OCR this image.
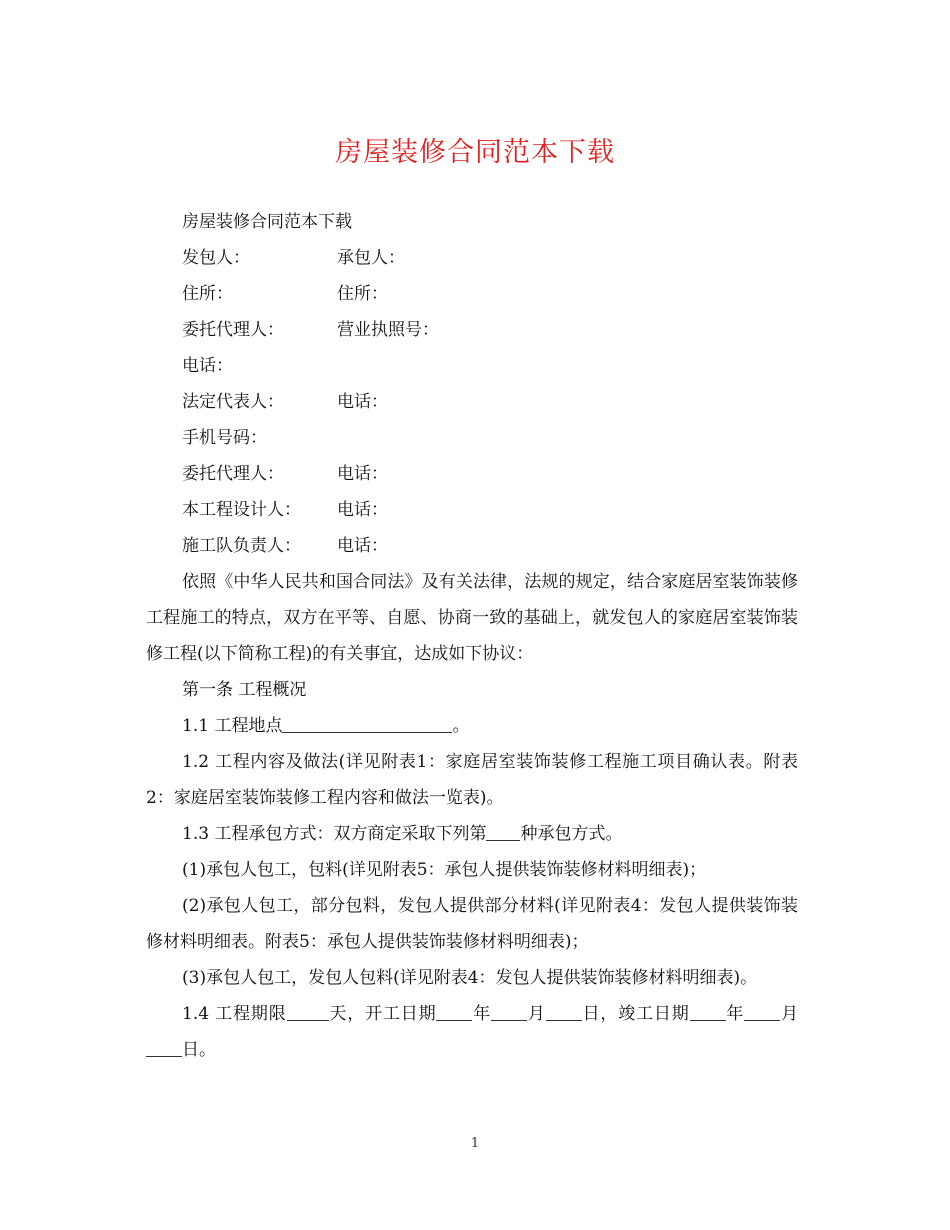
房屋装修合同范本下载
房屋装修合同范本下载
发包人：	承包人：
住所：	住所：
委托代理人：	营业执照号：
电话：
法定代表人：	电话：
手机号码：
委托代理人：	电话：
本工程设计人：	电话：
施工队负责人：	电话：

依照《中华人民共和国合同法》及有关法律，法规的规定，结合家庭居室装饰装修工程施工的特点，双方在平等、自愿、协商一致的基础上，就发包人的家庭居室装饰装修工程(以下简称工程)的有关事宜，达成如下协议：

第一条 工程概况
1.1 工程地点	。

1.2 工程内容及做法(详见附表1：家庭居室装饰装修工程施工项目确认表。附表2：家庭居室装饰装修工程内容和做法一览表)。

1.3 工程承包方式：双方商定采取下列第 种承包方式。

(1)承包人包工，包料(详见附表5：承包人提供装饰装修材料明细表)；

(2)承包人包工，部分包料，发包人提供部分材料(详见附表4：发包人提供装饰装修材料明细表。附表5：承包人提供装饰装修材料明细表)；

(3)承包人包工，发包人包料(详见附表4：发包人提供装饰装修材料明细表)。

1.4 工程期限 天，开工日期 年 月 日，竣工日期 年 月日。

1
